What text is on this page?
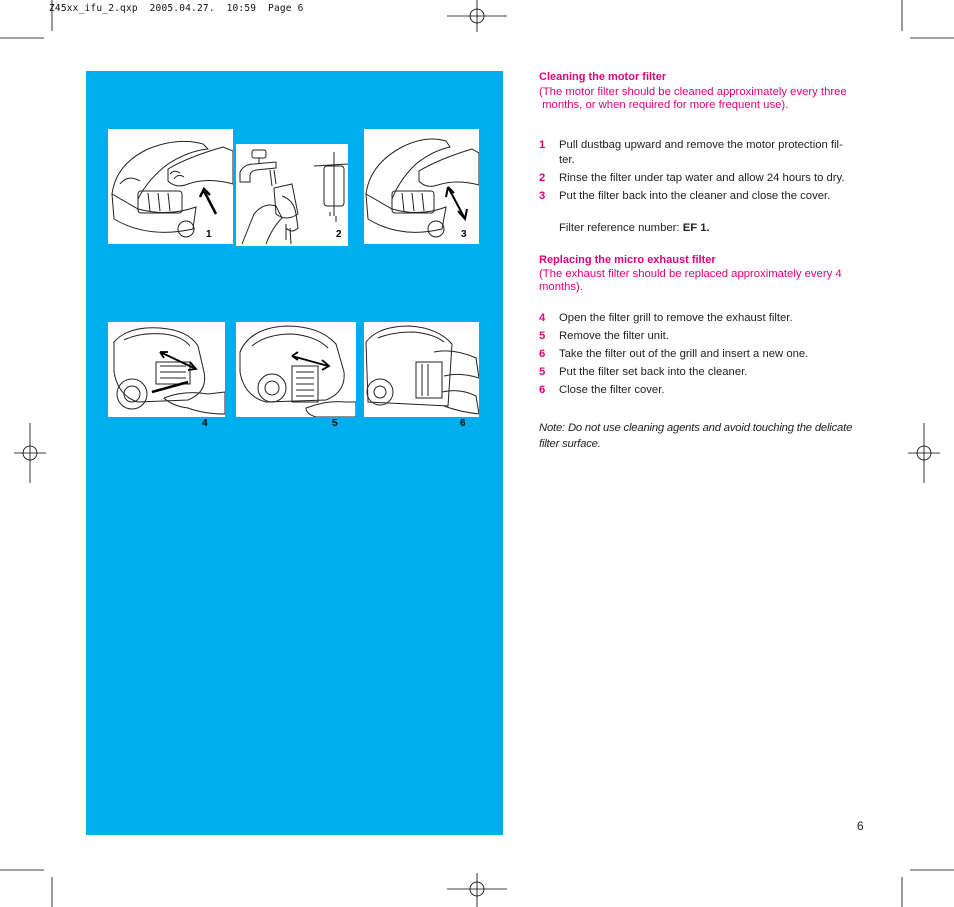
Z45xx_ifu_2.qxp  2005.04.27.  10:59  Page 6
1	2	3
4	5	6

Cleaning the motor filter

(The motor filter should be cleaned approximately every three
months, or when required for more frequent use).

1 Pull dustbag upward and remove the motor protection fil-
ter.
2 Rinse the filter under tap water and allow 24 hours to dry.
3 Put the filter back into the cleaner and close the cover.

Filter reference number: EF 1.

Replacing the micro exhaust filter

(The exhaust filter should be replaced approximately every 4
months).

4 Open the filter grill to remove the exhaust filter.
5 Remove the filter unit.
6 Take the filter out of the grill and insert a new one.
5 Put the filter set back into the cleaner.
6 Close the filter cover.

Note: Do not use cleaning agents and avoid touching the delicate
filter surface.

6
